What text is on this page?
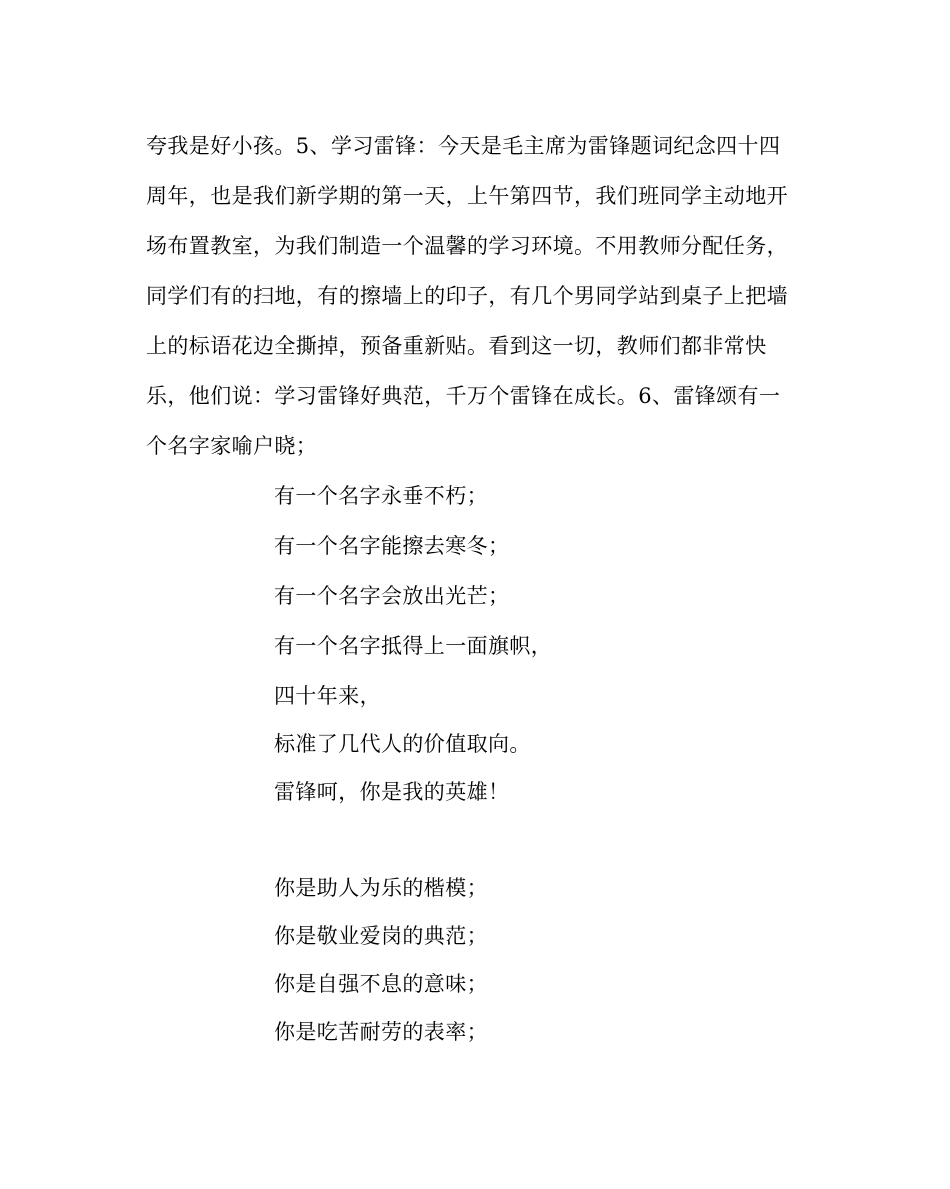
夸我是好小孩。5、学习雷锋：今天是毛主席为雷锋题词纪念四十四
周年，也是我们新学期的第一天，上午第四节，我们班同学主动地开
场布置教室，为我们制造一个温馨的学习环境。不用教师分配任务，
同学们有的扫地，有的擦墙上的印子，有几个男同学站到桌子上把墙
上的标语花边全撕掉，预备重新贴。看到这一切，教师们都非常快
乐，他们说：学习雷锋好典范，千万个雷锋在成长。6、雷锋颂有一
个名字家喻户晓；
有一个名字永垂不朽；
有一个名字能擦去寒冬；
有一个名字会放出光芒；
有一个名字抵得上一面旗帜，
四十年来，
标准了几代人的价值取向。
雷锋呵，你是我的英雄！
你是助人为乐的楷模；
你是敬业爱岗的典范；
你是自强不息的意味；
你是吃苦耐劳的表率；
